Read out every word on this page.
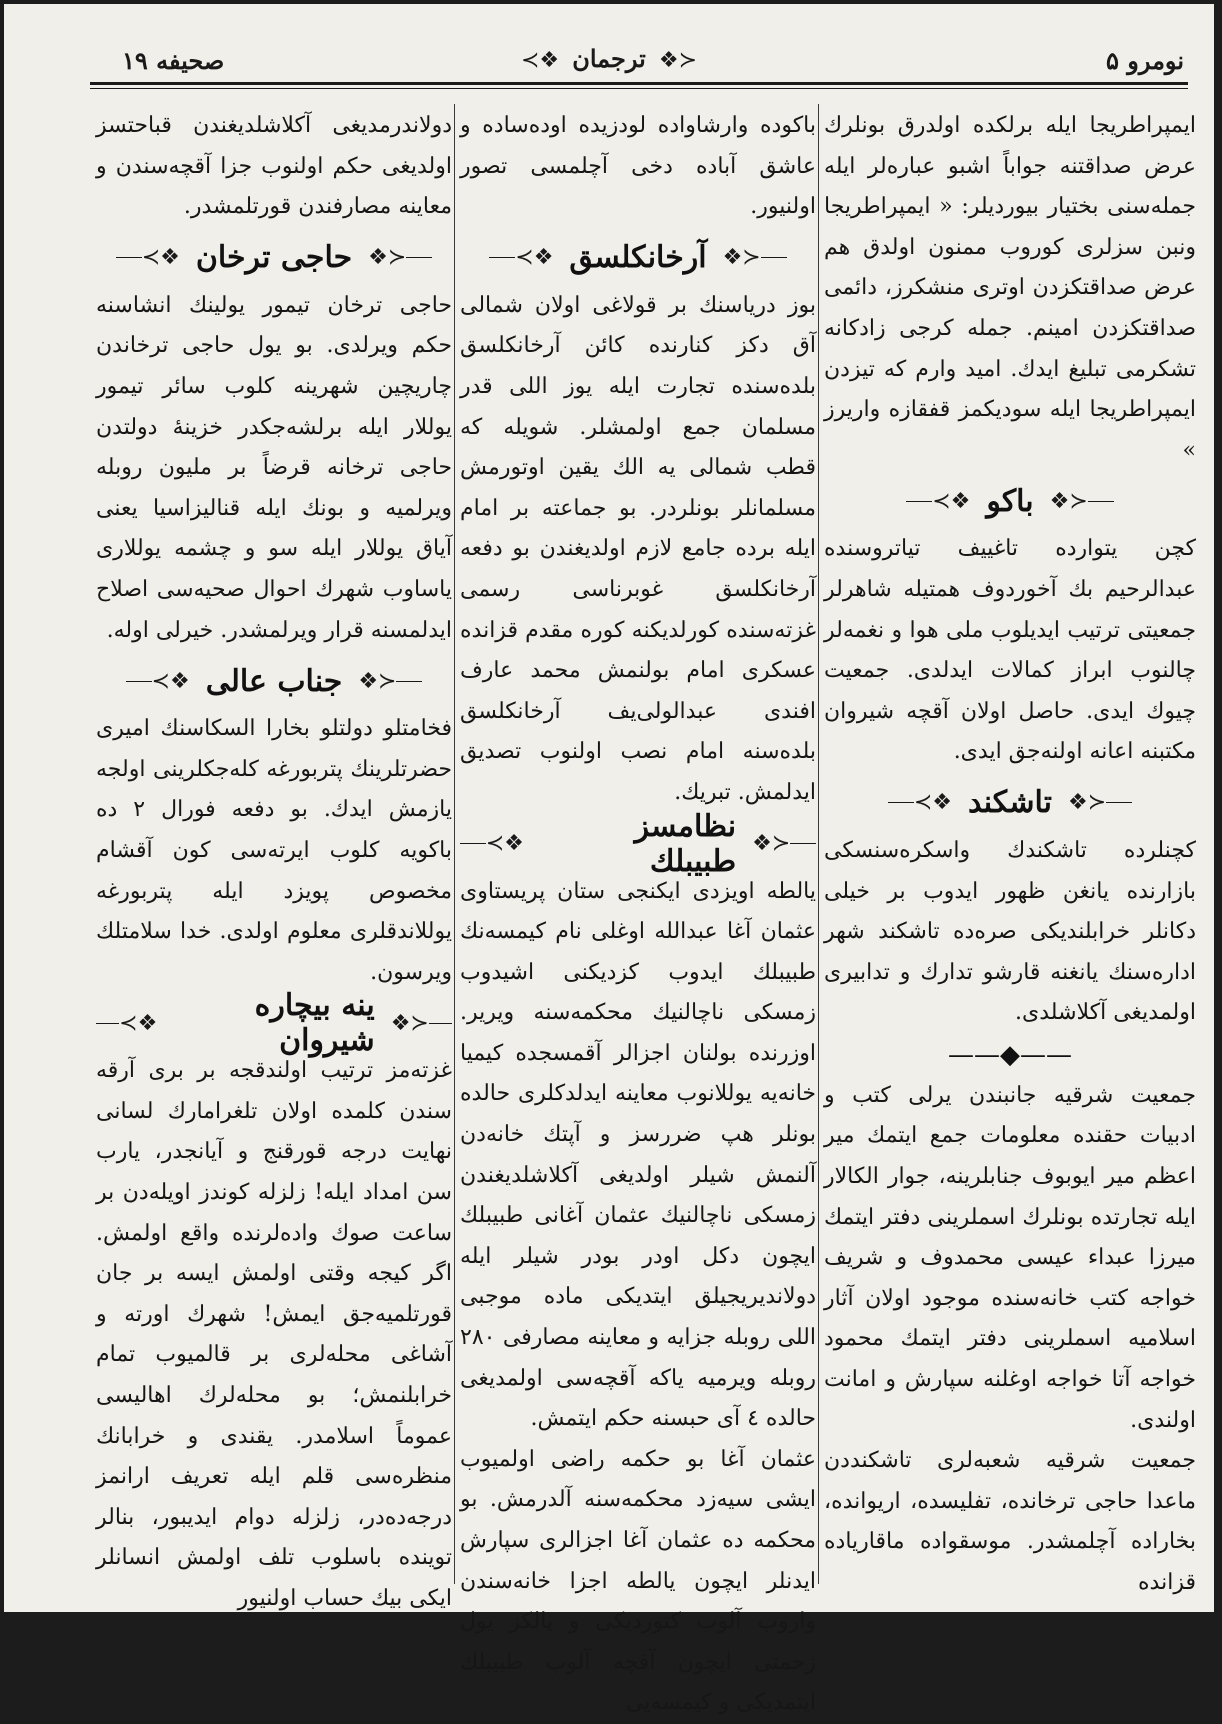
صحیفه ۱۹	≺❖ ترجمان ❖≻	نومرو ۵

ایمپراطریجا ایله برلکده اولدرق بونلرك عرض صداقتنه جواباً اشبو عباره‌لر ایله جمله‌سنی بختیار بیوردیلر: « ایمپراطریجا ونبن سزلری كوروب ممنون اولدق هم عرض صداقتكزدن اوتری منشكرز، دائمی صداقتكزدن امینم. جمله كرجی زادكانه تشكرمی تبلیغ ایدك. امید وارم كه تیزدن ایمپراطریجا ایله سودیكمز قفقازه واریرز »

≺❖ باكو ❖≻

كچن یتوارده تاغییف تیاتروسنده عبدالرحیم بك آخوردوف همتیله شاهرلر جمعیتی ترتیب ایدیلوب ملی هوا و نغمه‌لر چالنوب ابراز كمالات ایدلدی. جمعیت چیوك ایدی. حاصل اولان آقچه شیروان مكتبنه اعانه اولنه‌جق ایدی.

≺❖ تاشكند ❖≻

كچنلرده تاشكندك واسكره‌سنسكی بازارنده یانغن ظهور ایدوب بر خیلی دكانلر خرابلندیكی صره‌ده تاشكند شهر اداره‌سنك یانغنه قارشو تدارك و تدابیری اولمدیغی آكلاشلدی.

——◆——

جمعیت شرقیه جانبندن یرلی كتب و ادبیات حقنده معلومات جمع ایتمك میر اعظم میر ایوبوف جنابلرینه، جوار الكالار ایله تجارتده بونلرك اسملرینی دفتر ایتمك میرزا عبداء عیسی محمدوف و شریف خواجه كتب خانه‌سنده موجود اولان آثار اسلامیه اسملرینی دفتر ایتمك محمود خواجه آتا خواجه اوغلنه سپارش و امانت اولندی.

جمعیت شرقیه شعبه‌لری تاشكنددن ماعدا حاجی ترخانده، تفلیسده، اریوانده، بخاراده آچلمشدر. موسقواده ماقاریاده قزانده

باكوده وارشاواده لودزیده اوده‌ساده و عاشق آباده دخی آچلمسی تصور اولنیور.

≺❖ آرخانكلسق ❖≻

بوز دریاسنك بر قولاغی اولان شمالی آق دكز كنارنده كائن آرخانكلسق بلده‌سنده تجارت ایله یوز اللی قدر مسلمان جمع اولمشلر. شویله كه قطب شمالی یه الك یقین اوتورمش مسلمانلر بونلردر. بو جماعته بر امام ایله برده جامع لازم اولدیغندن بو دفعه آرخانكلسق غوبرناسی رسمی غزته‌سنده كورلدیكنه كوره مقدم قزانده عسكری امام بولنمش محمد عارف افندی عبدالولی‌یف آرخانكلسق بلده‌سنه امام نصب اولنوب تصدیق ایدلمش. تبریك.

≺❖	نظامسز طبیبلك ❖≻

یالطه اویزدی ایكنجی ستان پریستاوی عثمان آغا عبدالله اوغلی نام كیمسه‌نك طبیبلك ایدوب كزدیكنی اشیدوب زمسكی ناچالنیك محكمه‌سنه ویریر. اوزرنده بولنان اجزالر آقمسجده كیمیا خانه‌یه یوللانوب معاینه ایدلدكلری حالده بونلر هپ ضررسز و آپتك خانه‌دن آلنمش شیلر اولدیغی آكلاشلدیغندن زمسكی ناچالنیك عثمان آغانی طبیبلك ایچون دكل اودر بودر شیلر ایله دولاندیریجیلق ایتدیكی ماده موجبی اللی روبله جزایه و معاینه مصارفی ۲۸۰ روبله ویرمیه یاكه آقچه‌سی اولمدیغی حالده ٤ آی حبسنه حكم ایتمش.

عثمان آغا بو حكمه راضی اولمیوب ایشی سیه‌زد محكمه‌سنه آلدرمش. بو محكمه ده عثمان آغا اجزالری سپارش ایدنلر ایچون یالطه اجزا خانه‌سندن واروب آلوب كتوردیكی و یالكز یول زحمتی ایچون آقچه آلوب طبیبلك ایتمدیكی و كیمسه‌یی

دولاندرمدیغی آكلاشلدیغندن قباحتسز اولدیغی حكم اولنوب جزا آقچه‌سندن و معاینه مصارفندن قورتلمشدر.

≺❖ حاجی ترخان ❖≻

حاجی ترخان تیمور یولینك انشاسنه حكم ویرلدی. بو یول حاجی ترخاندن چاریچین شهرینه كلوب سائر تیمور یوللار ایله برلشه‌جكدر خزینهٔ دولتدن حاجی ترخانه قرضاً بر ملیون روبله ویرلمیه و بونك ایله قنالیزاسیا یعنی آیاق یوللار ایله سو و چشمه یوللاری یاساوب شهرك احوال صحیه‌سی اصلاح ایدلمسنه قرار ویرلمشدر. خیرلی اوله.

≺❖ جناب عالی ❖≻

فخامتلو دولتلو بخارا السكاسنك امیری حضرتلرینك پتربورغه كله‌جكلرینی اولجه یازمش ایدك. بو دفعه فورال ۲ ده باكویه كلوب ایرته‌سی كون آقشام مخصوص پویزد ایله پتربورغه یوللاندقلری معلوم اولدی. خدا سلامتلك ویرسون.

≺❖	ینه بیچاره شیروان ❖≻

غزته‌مز ترتیب اولندقجه بر بری آرقه سندن كلمده اولان تلغرامارك لسانی نهایت درجه قورقنج و آیانجدر، یارب سن امداد ایله! زلزله كوندز اویله‌دن بر ساعت صوك واده‌لرنده واقع اولمش. اگر كیجه وقتی اولمش ایسه بر جان قورتلمیه‌جق ایمش! شهرك اورته و آشاغی محله‌لری بر قالمیوب تمام خرابلنمش؛ بو محله‌لرك اهالیسی عموماً اسلامدر. یقندی و خرابانك منظره‌سی قلم ایله تعریف ارانمز درجه‌ده‌در، زلزله دوام ایدیبور، بنالر توینده باسلوب تلف اولمش انسانلر ایكی بیك حساب اولنیور
